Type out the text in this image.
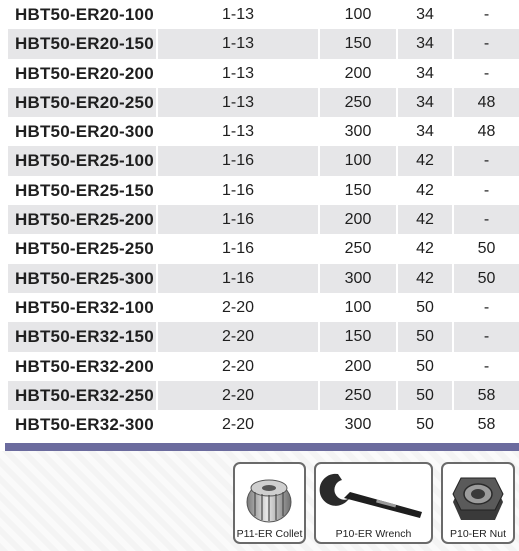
HBT50-ER20-100	1-13	100	34	-
HBT50-ER20-150	1-13	150	34	-
HBT50-ER20-200	1-13	200	34	-
HBT50-ER20-250	1-13	250	34	48
HBT50-ER20-300	1-13	300	34	48
HBT50-ER25-100	1-16	100	42	-
HBT50-ER25-150	1-16	150	42	-
HBT50-ER25-200	1-16	200	42	-
HBT50-ER25-250	1-16	250	42	50
HBT50-ER25-300	1-16	300	42	50
HBT50-ER32-100	2-20	100	50	-
HBT50-ER32-150	2-20	150	50	-
HBT50-ER32-200	2-20	200	50	-
HBT50-ER32-250	2-20	250	50	58
HBT50-ER32-300	2-20	300	50	58
P11-ER Collet	P10-ER Wrench	P10-ER Nut
